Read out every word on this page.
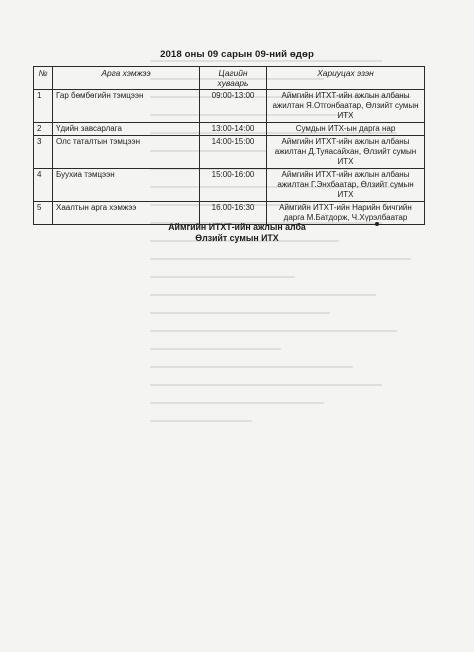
2018 оны 09 сарын 09-ний өдөр
№	Арга хэмжээ	Цагийн хуваарь	Хариуцах эзэн
1	Гар бөмбөгийн тэмцээн	09:00-13:00	Аймгийн ИТХТ-ийн ажлын албаны ажилтан Я.Отгонбаатар, Өлзийт сумын ИТХ
2	Үдийн завсарлага	13:00-14:00	Сумдын ИТХ-ын дарга нар
3	Олс таталтын тэмцээн	14:00-15:00	Аймгийн ИТХТ-ийн ажлын албаны ажилтан Д.Туяасайхан, Өлзийт сумын ИТХ
4	Буухиа тэмцээн	15:00-16:00	Аймгийн ИТХТ-ийн ажлын албаны ажилтан Г.Энхбаатар, Өлзийт сумын ИТХ
5	Хаалтын арга хэмжээ	16.00-16:30	Аймгийн ИТХТ-ийн Нарийн бичгийн дарга М.Батдорж, Ч.Хүрэлбаатар
Аймгийн ИТХТ-ийн ажлын алба
Өлзийт сумын ИТХ
